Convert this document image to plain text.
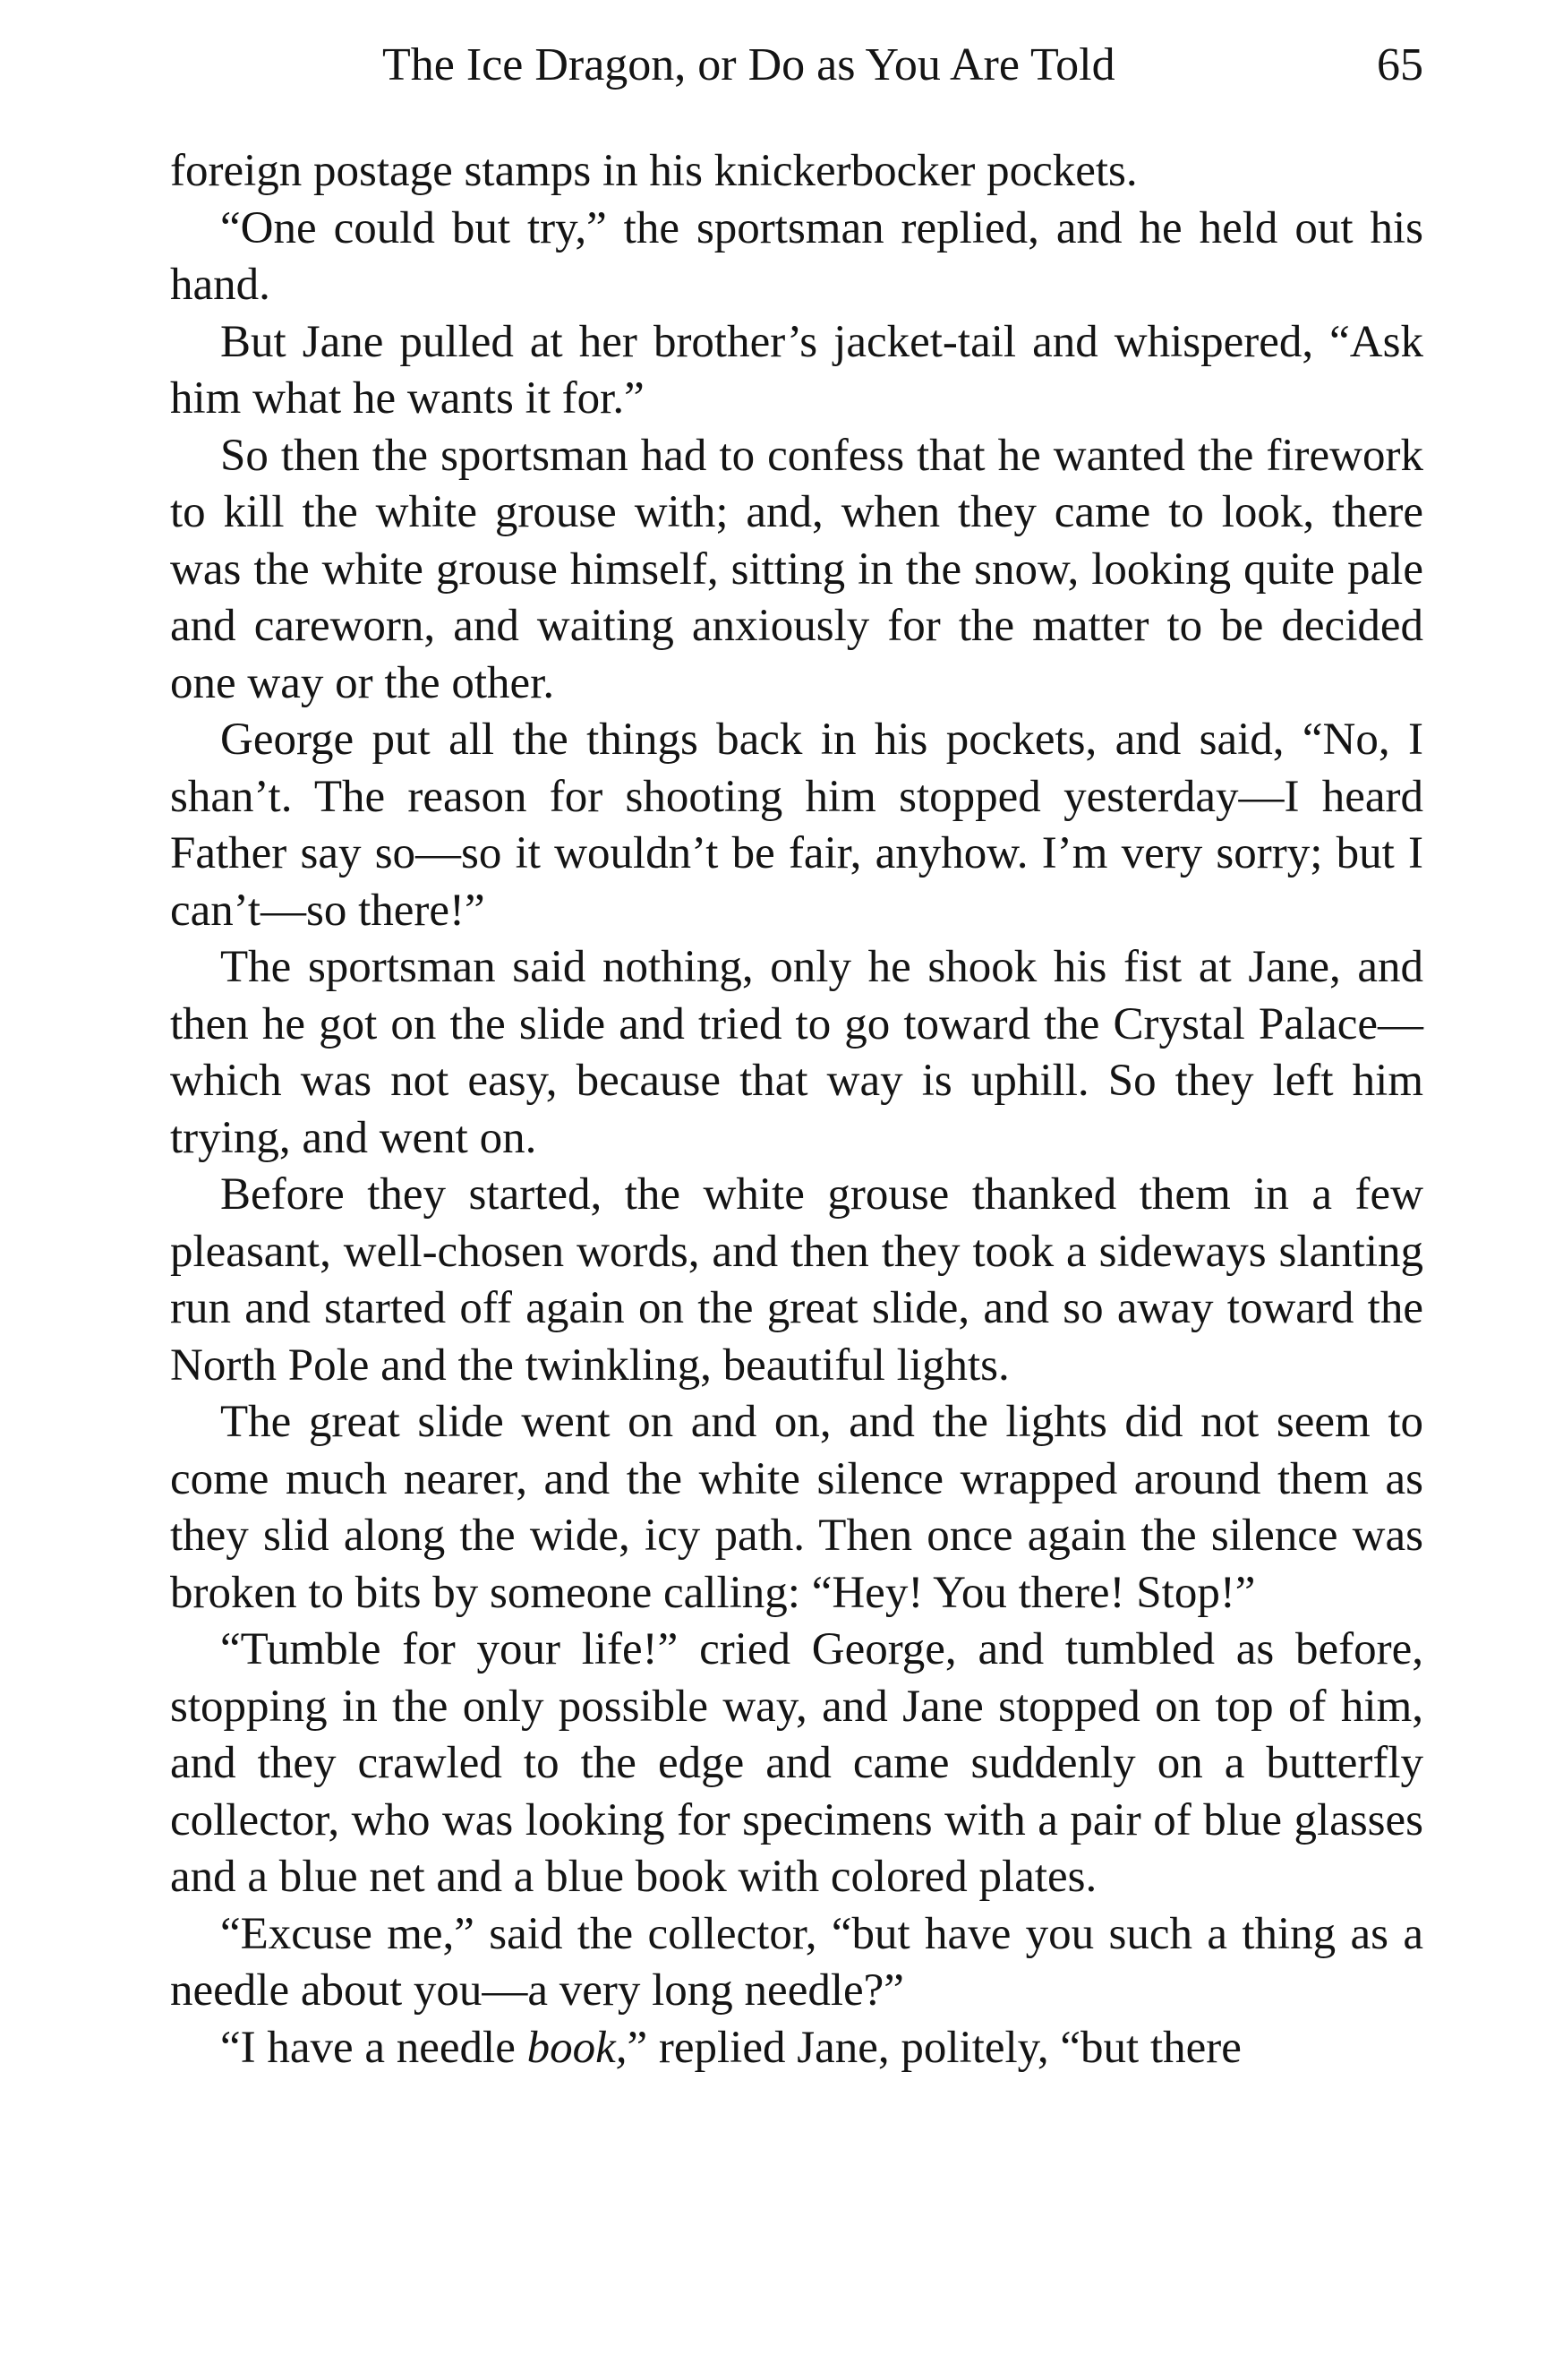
The Ice Dragon, or Do as You Are Told	65

foreign postage stamps in his knickerbocker pockets.

“One could but try,” the sportsman replied, and he held out his hand.

But Jane pulled at her brother’s jacket-tail and whispered, “Ask him what he wants it for.”

So then the sportsman had to confess that he wanted the firework to kill the white grouse with; and, when they came to look, there was the white grouse himself, sitting in the snow, looking quite pale and careworn, and waiting anxiously for the matter to be decided one way or the other.

George put all the things back in his pockets, and said, “No, I shan’t. The reason for shooting him stopped yesterday—I heard Father say so—so it wouldn’t be fair, anyhow. I’m very sorry; but I can’t—so there!”

The sportsman said nothing, only he shook his fist at Jane, and then he got on the slide and tried to go toward the Crystal Palace—which was not easy, because that way is uphill. So they left him trying, and went on.

Before they started, the white grouse thanked them in a few pleasant, well-chosen words, and then they took a sideways slanting run and started off again on the great slide, and so away toward the North Pole and the twinkling, beautiful lights.

The great slide went on and on, and the lights did not seem to come much nearer, and the white silence wrapped around them as they slid along the wide, icy path. Then once again the silence was broken to bits by someone calling: “Hey! You there! Stop!”

“Tumble for your life!” cried George, and tumbled as before, stopping in the only possible way, and Jane stopped on top of him, and they crawled to the edge and came suddenly on a butterfly collector, who was looking for specimens with a pair of blue glasses and a blue net and a blue book with colored plates.

“Excuse me,” said the collector, “but have you such a thing as a needle about you—a very long needle?”

“I have a needle book,” replied Jane, politely, “but there
